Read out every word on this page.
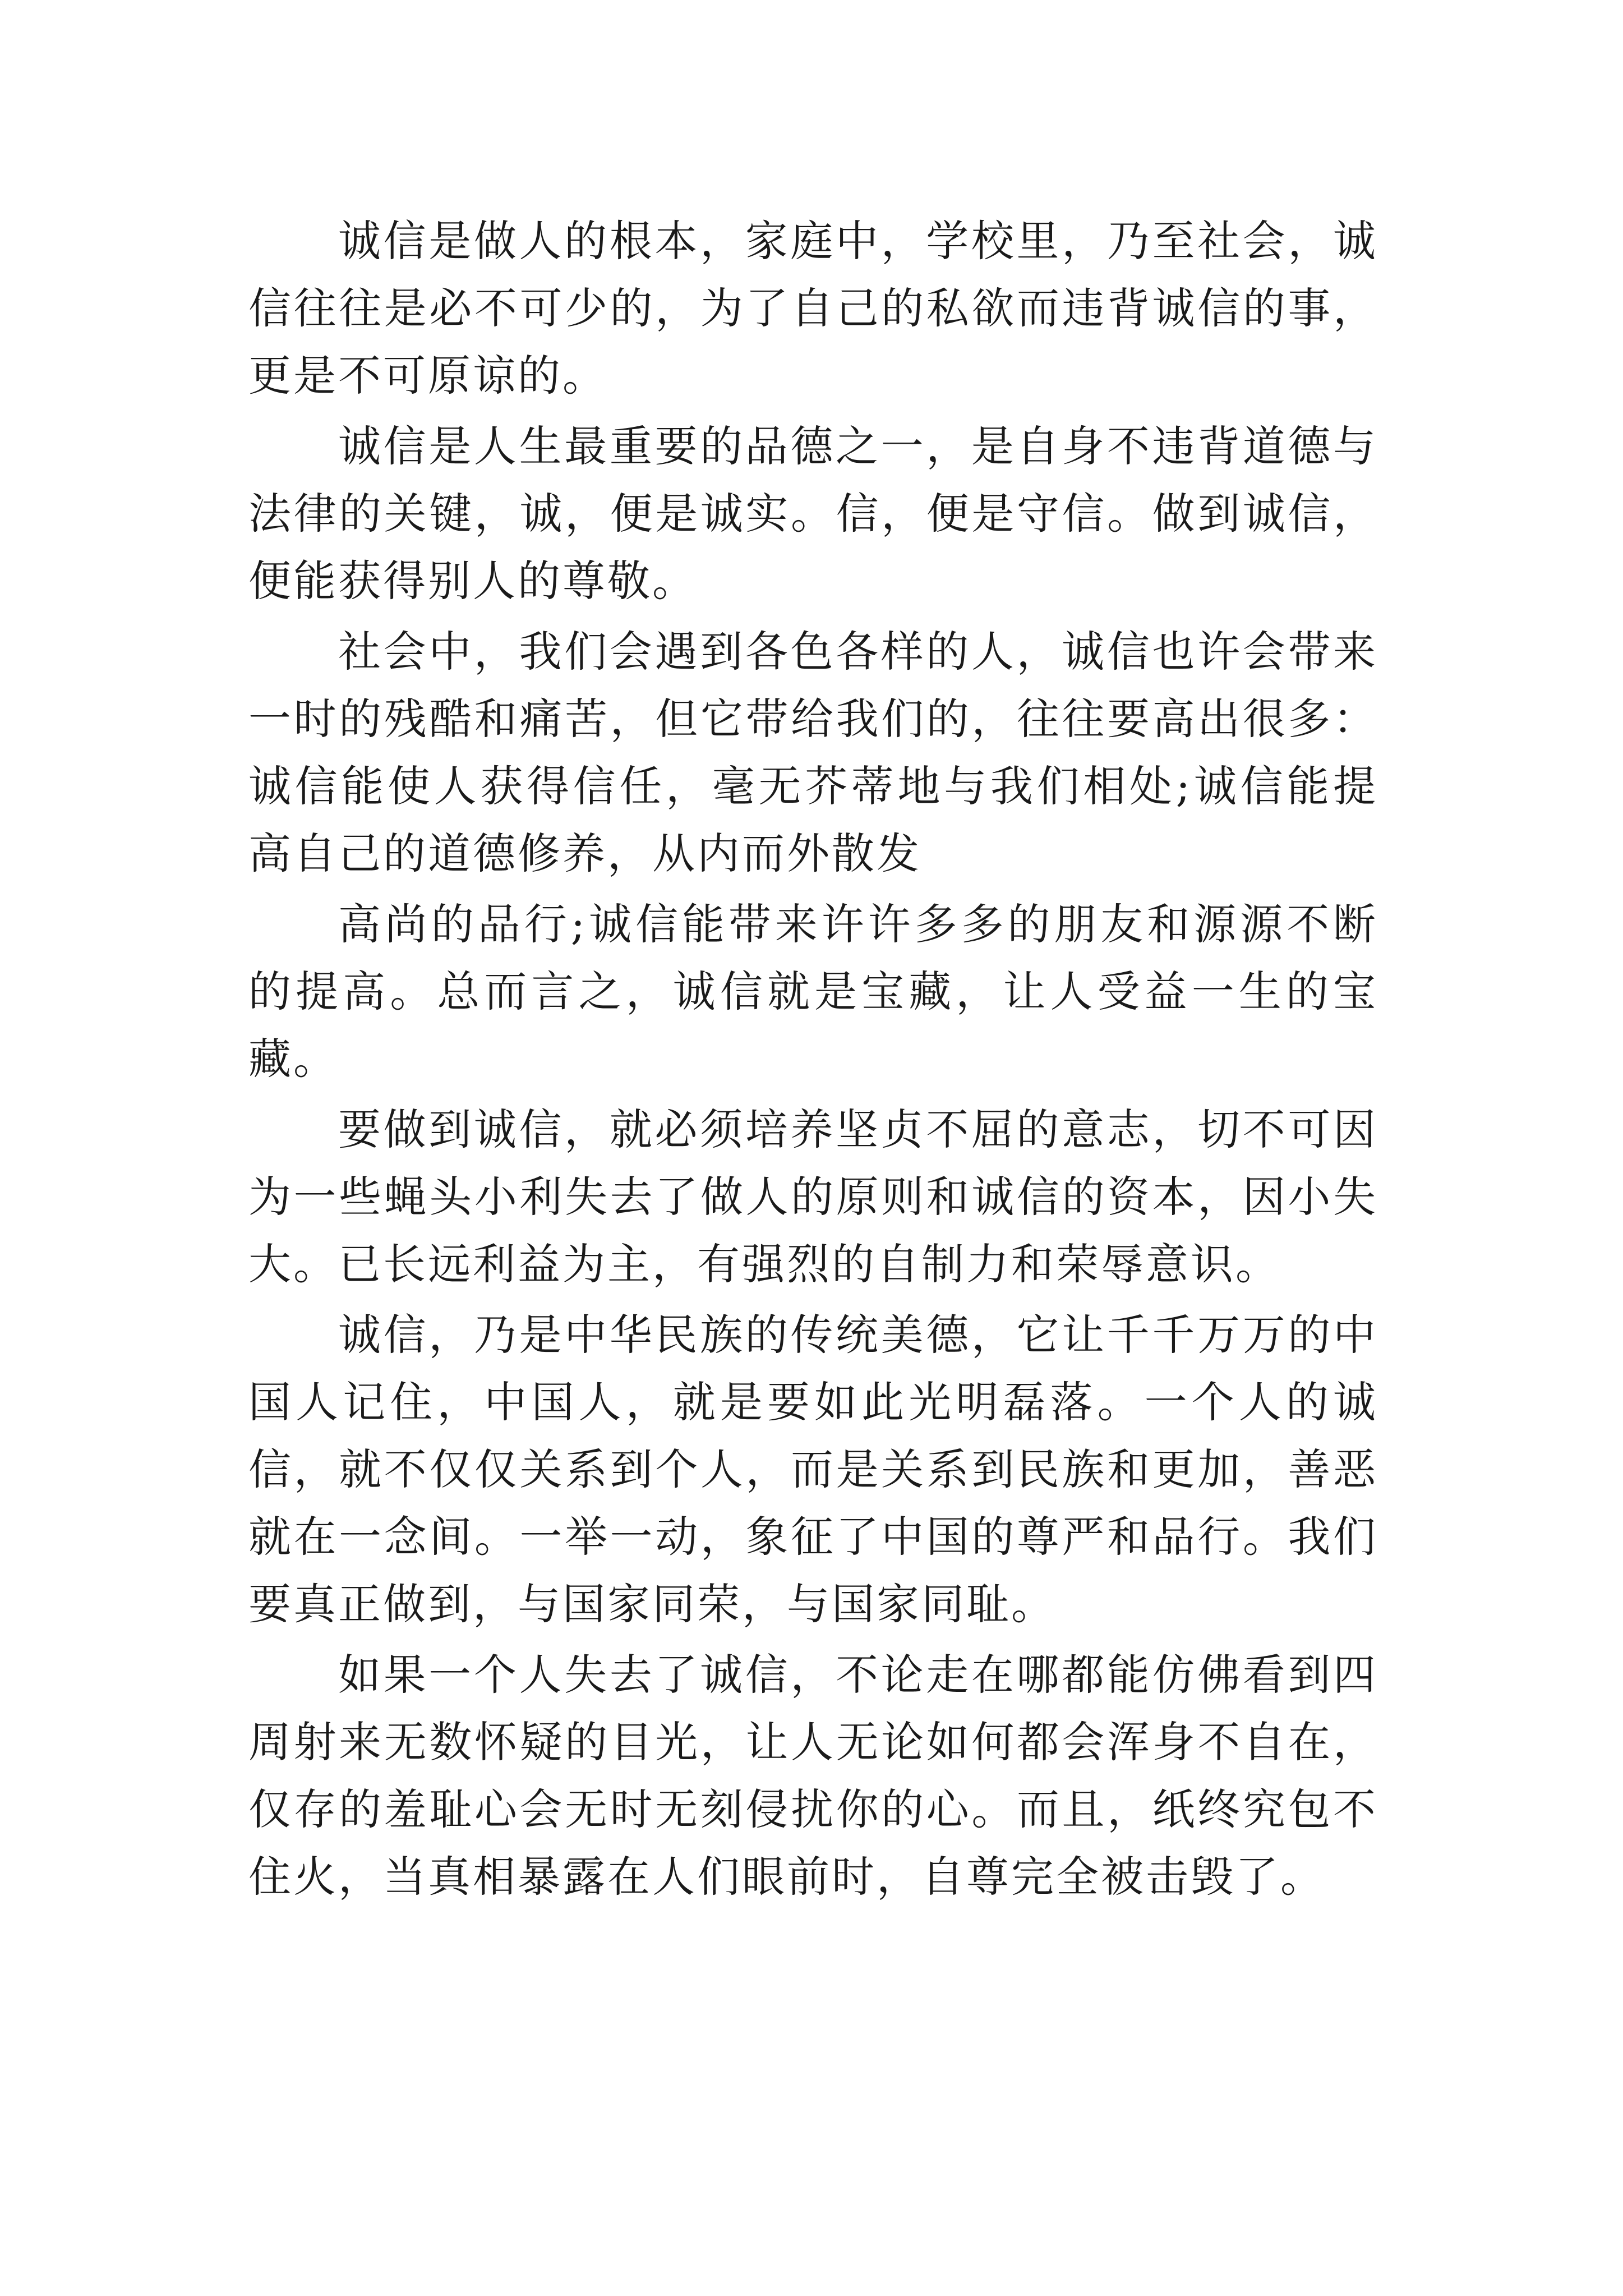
诚信是做人的根本，家庭中，学校里，乃至社会，诚信往往是必不可少的，为了自己的私欲而违背诚信的事，更是不可原谅的。

诚信是人生最重要的品德之一，是自身不违背道德与法律的关键，诚，便是诚实。信，便是守信。做到诚信，便能获得别人的尊敬。

社会中，我们会遇到各色各样的人，诚信也许会带来一时的残酷和痛苦，但它带给我们的，往往要高出很多：诚信能使人获得信任，毫无芥蒂地与我们相处;诚信能提高自己的道德修养，从内而外散发

高尚的品行;诚信能带来许许多多的朋友和源源不断的提高。总而言之，诚信就是宝藏，让人受益一生的宝藏。

要做到诚信，就必须培养坚贞不屈的意志，切不可因为一些蝇头小利失去了做人的原则和诚信的资本，因小失大。已长远利益为主，有强烈的自制力和荣辱意识。

诚信，乃是中华民族的传统美德，它让千千万万的中国人记住，中国人，就是要如此光明磊落。一个人的诚信，就不仅仅关系到个人，而是关系到民族和更加，善恶就在一念间。一举一动，象征了中国的尊严和品行。我们要真正做到，与国家同荣，与国家同耻。

如果一个人失去了诚信，不论走在哪都能仿佛看到四周射来无数怀疑的目光，让人无论如何都会浑身不自在，仅存的羞耻心会无时无刻侵扰你的心。而且，纸终究包不住火，当真相暴露在人们眼前时，自尊完全被击毁了。
